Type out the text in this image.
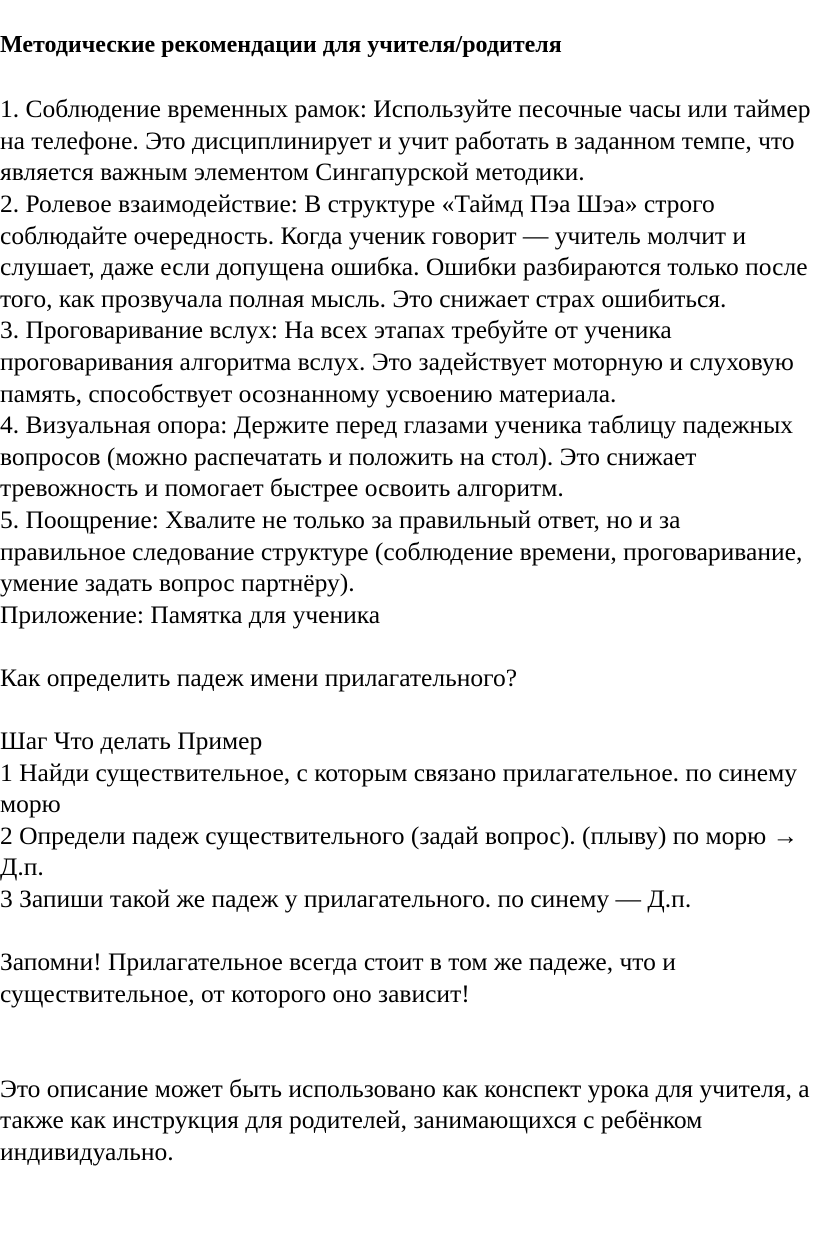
Методические рекомендации для учителя/родителя

1. Соблюдение временных рамок: Используйте песочные часы или таймер на телефоне. Это дисциплинирует и учит работать в заданном темпе, что является важным элементом Сингапурской методики.

2. Ролевое взаимодействие: В структуре «Таймд Пэа Шэа» строго соблюдайте очередность. Когда ученик говорит — учитель молчит и слушает, даже если допущена ошибка. Ошибки разбираются только после того, как прозвучала полная мысль. Это снижает страх ошибиться.

3. Проговаривание вслух: На всех этапах требуйте от ученика проговаривания алгоритма вслух. Это задействует моторную и слуховую память, способствует осознанному усвоению материала.

4. Визуальная опора: Держите перед глазами ученика таблицу падежных вопросов (можно распечатать и положить на стол). Это снижает тревожность и помогает быстрее освоить алгоритм.

5. Поощрение: Хвалите не только за правильный ответ, но и за правильное следование структуре (соблюдение времени, проговаривание, умение задать вопрос партнёру).

Приложение: Памятка для ученика

Как определить падеж имени прилагательного?

Шаг Что делать Пример

1 Найди существительное, с которым связано прилагательное. по синему морю

2 Определи падеж существительного (задай вопрос). (плыву) по морю → Д.п.

3 Запиши такой же падеж у прилагательного. по синему — Д.п.

Запомни! Прилагательное всегда стоит в том же падеже, что и существительное, от которого оно зависит!

Это описание может быть использовано как конспект урока для учителя, а также как инструкция для родителей, занимающихся с ребёнком индивидуально.
